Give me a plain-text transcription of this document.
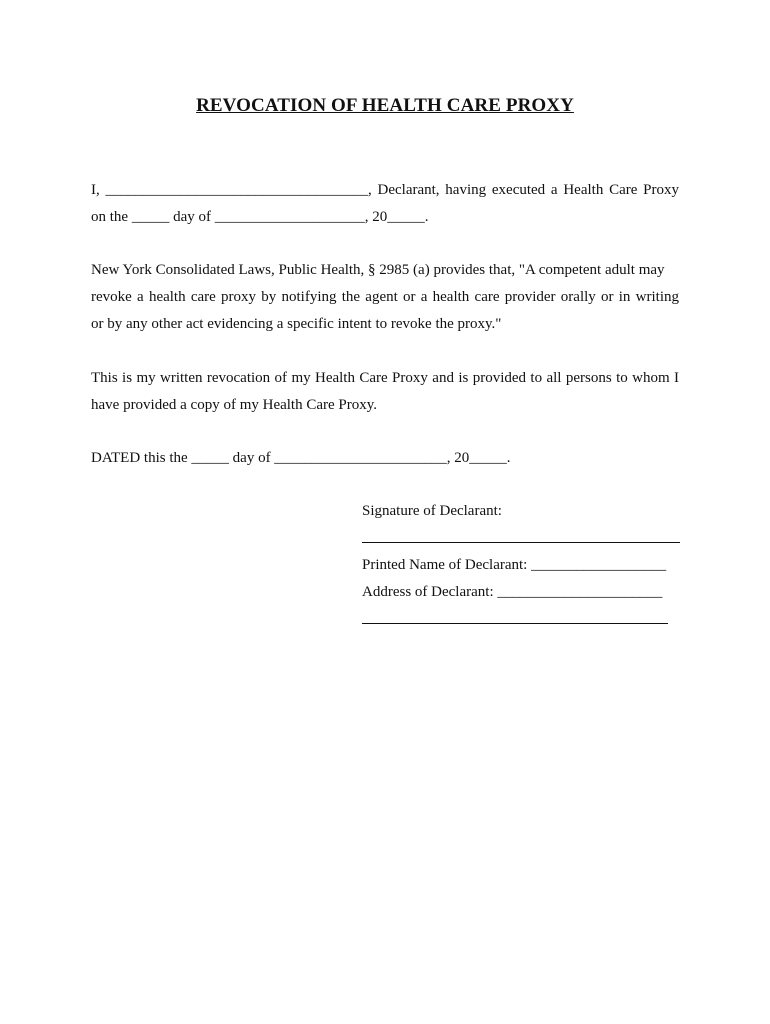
REVOCATION OF HEALTH CARE PROXY
I, ___________________________________, Declarant, having executed a Health Care Proxy
on the _____ day of ____________________, 20_____.
New York Consolidated Laws, Public Health, § 2985 (a) provides that, "A competent adult may
revoke a health care proxy by notifying the agent or a health care provider orally or in writing
or by any other act evidencing a specific intent to revoke the proxy."
This is my written revocation of my Health Care Proxy and is provided to all persons to whom I
have provided a copy of my Health Care Proxy.
DATED this the _____ day of _______________________, 20_____.
Signature of Declarant:
Printed Name of Declarant: __________________
Address of Declarant: ______________________
